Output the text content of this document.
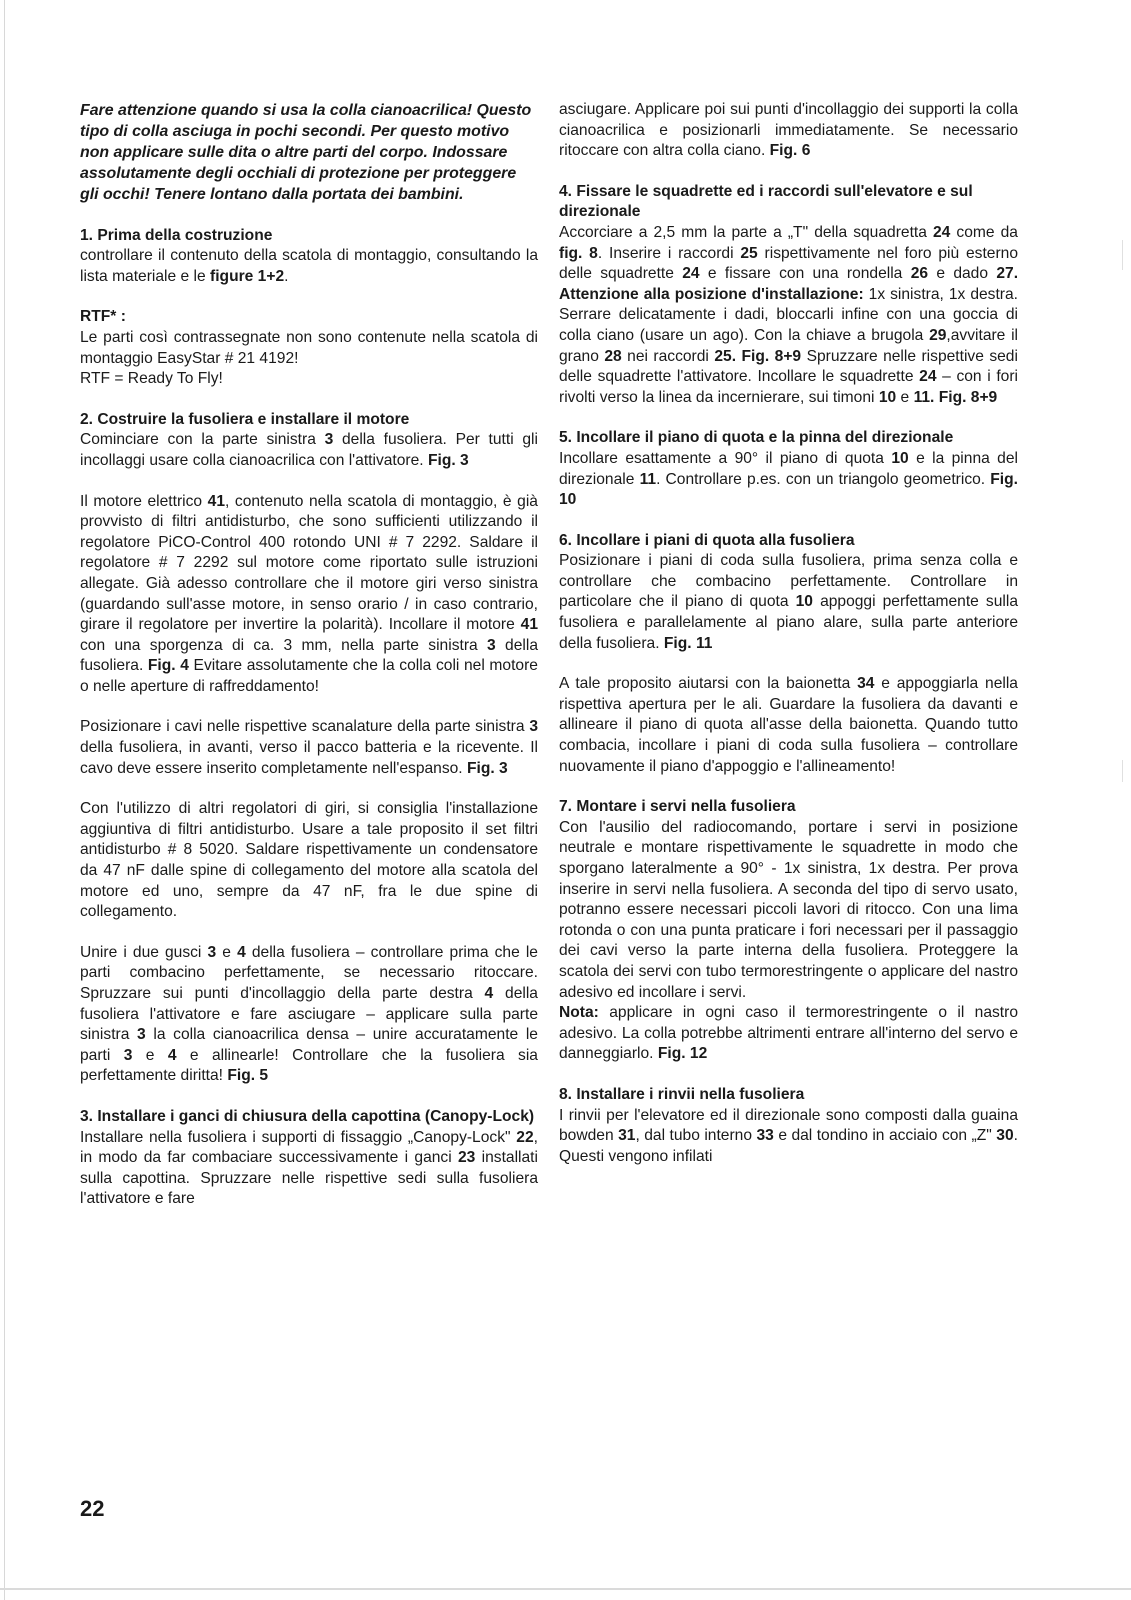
Fare attenzione quando si usa la colla cianoacrilica! Questo tipo di colla asciuga in pochi secondi. Per questo motivo non applicare sulle dita o altre parti del corpo. Indossare assolutamente degli occhiali di protezione per proteggere gli occhi! Tenere lontano dalla portata dei bambini.

1. Prima della costruzione

controllare il contenuto della scatola di montaggio, consultando la lista materiale e le figure 1+2.

RTF* :

Le parti così contrassegnate non sono contenute nella scatola di montaggio EasyStar # 21 4192!

RTF = Ready To Fly!

2. Costruire la fusoliera e installare il motore

Cominciare con la parte sinistra 3 della fusoliera. Per tutti gli incollaggi usare colla cianoacrilica con l'attivatore. Fig. 3

Il motore elettrico 41, contenuto nella scatola di montaggio, è già provvisto di filtri antidisturbo, che sono sufficienti utilizzando il regolatore PiCO-Control 400 rotondo UNI # 7 2292. Saldare il regolatore # 7 2292 sul motore come riportato sulle istruzioni allegate. Già adesso controllare che il motore giri verso sinistra (guardando sull'asse motore, in senso orario / in caso contrario, girare il regolatore per invertire la polarità). Incollare il motore 41 con una sporgenza di ca. 3 mm, nella parte sinistra 3 della fusoliera. Fig. 4 Evitare assolutamente che la colla coli nel motore o nelle aperture di raffreddamento!

Posizionare i cavi nelle rispettive scanalature della parte sinistra 3 della fusoliera, in avanti, verso il pacco batteria e la ricevente. Il cavo deve essere inserito completamente nell'espanso. Fig. 3

Con l'utilizzo di altri regolatori di giri, si consiglia l'installazione aggiuntiva di filtri antidisturbo. Usare a tale proposito il set filtri antidisturbo # 8 5020. Saldare rispettivamente un condensatore da 47 nF dalle spine di collegamento del motore alla scatola del motore ed uno, sempre da 47 nF, fra le due spine di collegamento.

Unire i due gusci 3 e 4 della fusoliera – controllare prima che le parti combacino perfettamente, se necessario ritoccare. Spruzzare sui punti d'incollaggio della parte destra 4 della fusoliera l'attivatore e fare asciugare – applicare sulla parte sinistra 3 la colla cianoacrilica densa – unire accuratamente le parti 3 e 4 e allinearle! Controllare che la fusoliera sia perfettamente diritta! Fig. 5

3. Installare i ganci di chiusura della capottina (Canopy-Lock)

Installare nella fusoliera i supporti di fissaggio „Canopy-Lock" 22, in modo da far combaciare successivamente i ganci 23 installati sulla capottina. Spruzzare nelle rispettive sedi sulla fusoliera l'attivatore e fare

asciugare. Applicare poi sui punti d'incollaggio dei supporti la colla cianoacrilica e posizionarli immediatamente. Se necessario ritoccare con altra colla ciano. Fig. 6

4. Fissare le squadrette ed i raccordi sull'elevatore e sul direzionale

Accorciare a 2,5 mm la parte a „T" della squadretta 24 come da fig. 8. Inserire i raccordi 25 rispettivamente nel foro più esterno delle squadrette 24 e fissare con una rondella 26 e dado 27. Attenzione alla posizione d'installazione: 1x sinistra, 1x destra. Serrare delicatamente i dadi, bloccarli infine con una goccia di colla ciano (usare un ago). Con la chiave a brugola 29,avvitare il grano 28 nei raccordi 25. Fig. 8+9 Spruzzare nelle rispettive sedi delle squadrette l'attivatore. Incollare le squadrette 24 – con i fori rivolti verso la linea da incernierare, sui timoni 10 e 11. Fig. 8+9

5. Incollare il piano di quota e la pinna del direzionale

Incollare esattamente a 90° il piano di quota 10 e la pinna del direzionale 11. Controllare p.es. con un triangolo geometrico. Fig. 10

6. Incollare i piani di quota alla fusoliera

Posizionare i piani di coda sulla fusoliera, prima senza colla e controllare che combacino perfettamente. Controllare in particolare che il piano di quota 10 appoggi perfettamente sulla fusoliera e parallelamente al piano alare, sulla parte anteriore della fusoliera. Fig. 11

A tale proposito aiutarsi con la baionetta 34 e appoggiarla nella rispettiva apertura per le ali. Guardare la fusoliera da davanti e allineare il piano di quota all'asse della baionetta. Quando tutto combacia, incollare i piani di coda sulla fusoliera – controllare nuovamente il piano d'appoggio e l'allineamento!

7. Montare i servi nella fusoliera

Con l'ausilio del radiocomando, portare i servi in posizione neutrale e montare rispettivamente le squadrette in modo che sporgano lateralmente a 90° - 1x sinistra, 1x destra. Per prova inserire in servi nella fusoliera. A seconda del tipo di servo usato, potranno essere necessari piccoli lavori di ritocco. Con una lima rotonda o con una punta praticare i fori necessari per il passaggio dei cavi verso la parte interna della fusoliera. Proteggere la scatola dei servi con tubo termorestringente o applicare del nastro adesivo ed incollare i servi.

Nota: applicare in ogni caso il termorestringente o il nastro adesivo. La colla potrebbe altrimenti entrare all'interno del servo e danneggiarlo. Fig. 12

8. Installare i rinvii nella fusoliera

I rinvii per l'elevatore ed il direzionale sono composti dalla guaina bowden 31, dal tubo interno 33 e dal tondino in acciaio con „Z" 30. Questi vengono infilati

22
